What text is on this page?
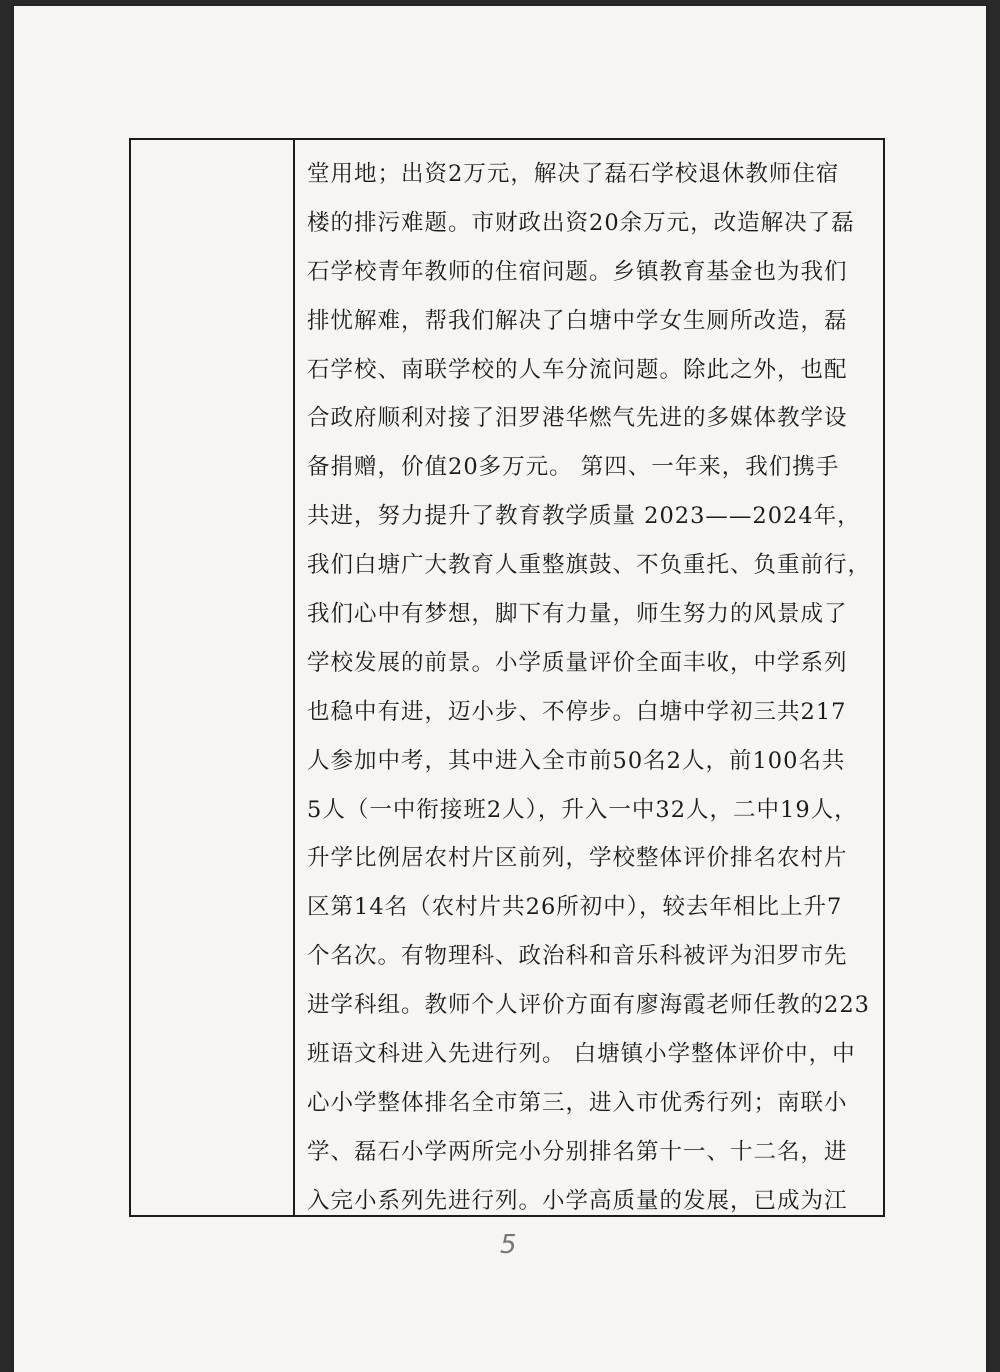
堂用地；出资2万元，解决了磊石学校退休教师住宿
楼的排污难题。市财政出资20余万元，改造解决了磊
石学校青年教师的住宿问题。乡镇教育基金也为我们
排忧解难，帮我们解决了白塘中学女生厕所改造，磊
石学校、南联学校的人车分流问题。除此之外，也配
合政府顺利对接了汨罗港华燃气先进的多媒体教学设
备捐赠，价值20多万元。 第四、一年来，我们携手
共进，努力提升了教育教学质量 2023——2024年，
我们白塘广大教育人重整旗鼓、不负重托、负重前行，
我们心中有梦想，脚下有力量，师生努力的风景成了
学校发展的前景。小学质量评价全面丰收，中学系列
也稳中有进，迈小步、不停步。白塘中学初三共217
人参加中考，其中进入全市前50名2人，前100名共
5人（一中衔接班2人），升入一中32人，二中19人，
升学比例居农村片区前列，学校整体评价排名农村片
区第14名（农村片共26所初中），较去年相比上升7
个名次。有物理科、政治科和音乐科被评为汨罗市先
进学科组。教师个人评价方面有廖海霞老师任教的223
班语文科进入先进行列。 白塘镇小学整体评价中，中
心小学整体排名全市第三，进入市优秀行列；南联小
学、磊石小学两所完小分别排名第十一、十二名，进
入完小系列先进行列。小学高质量的发展，已成为江
5
